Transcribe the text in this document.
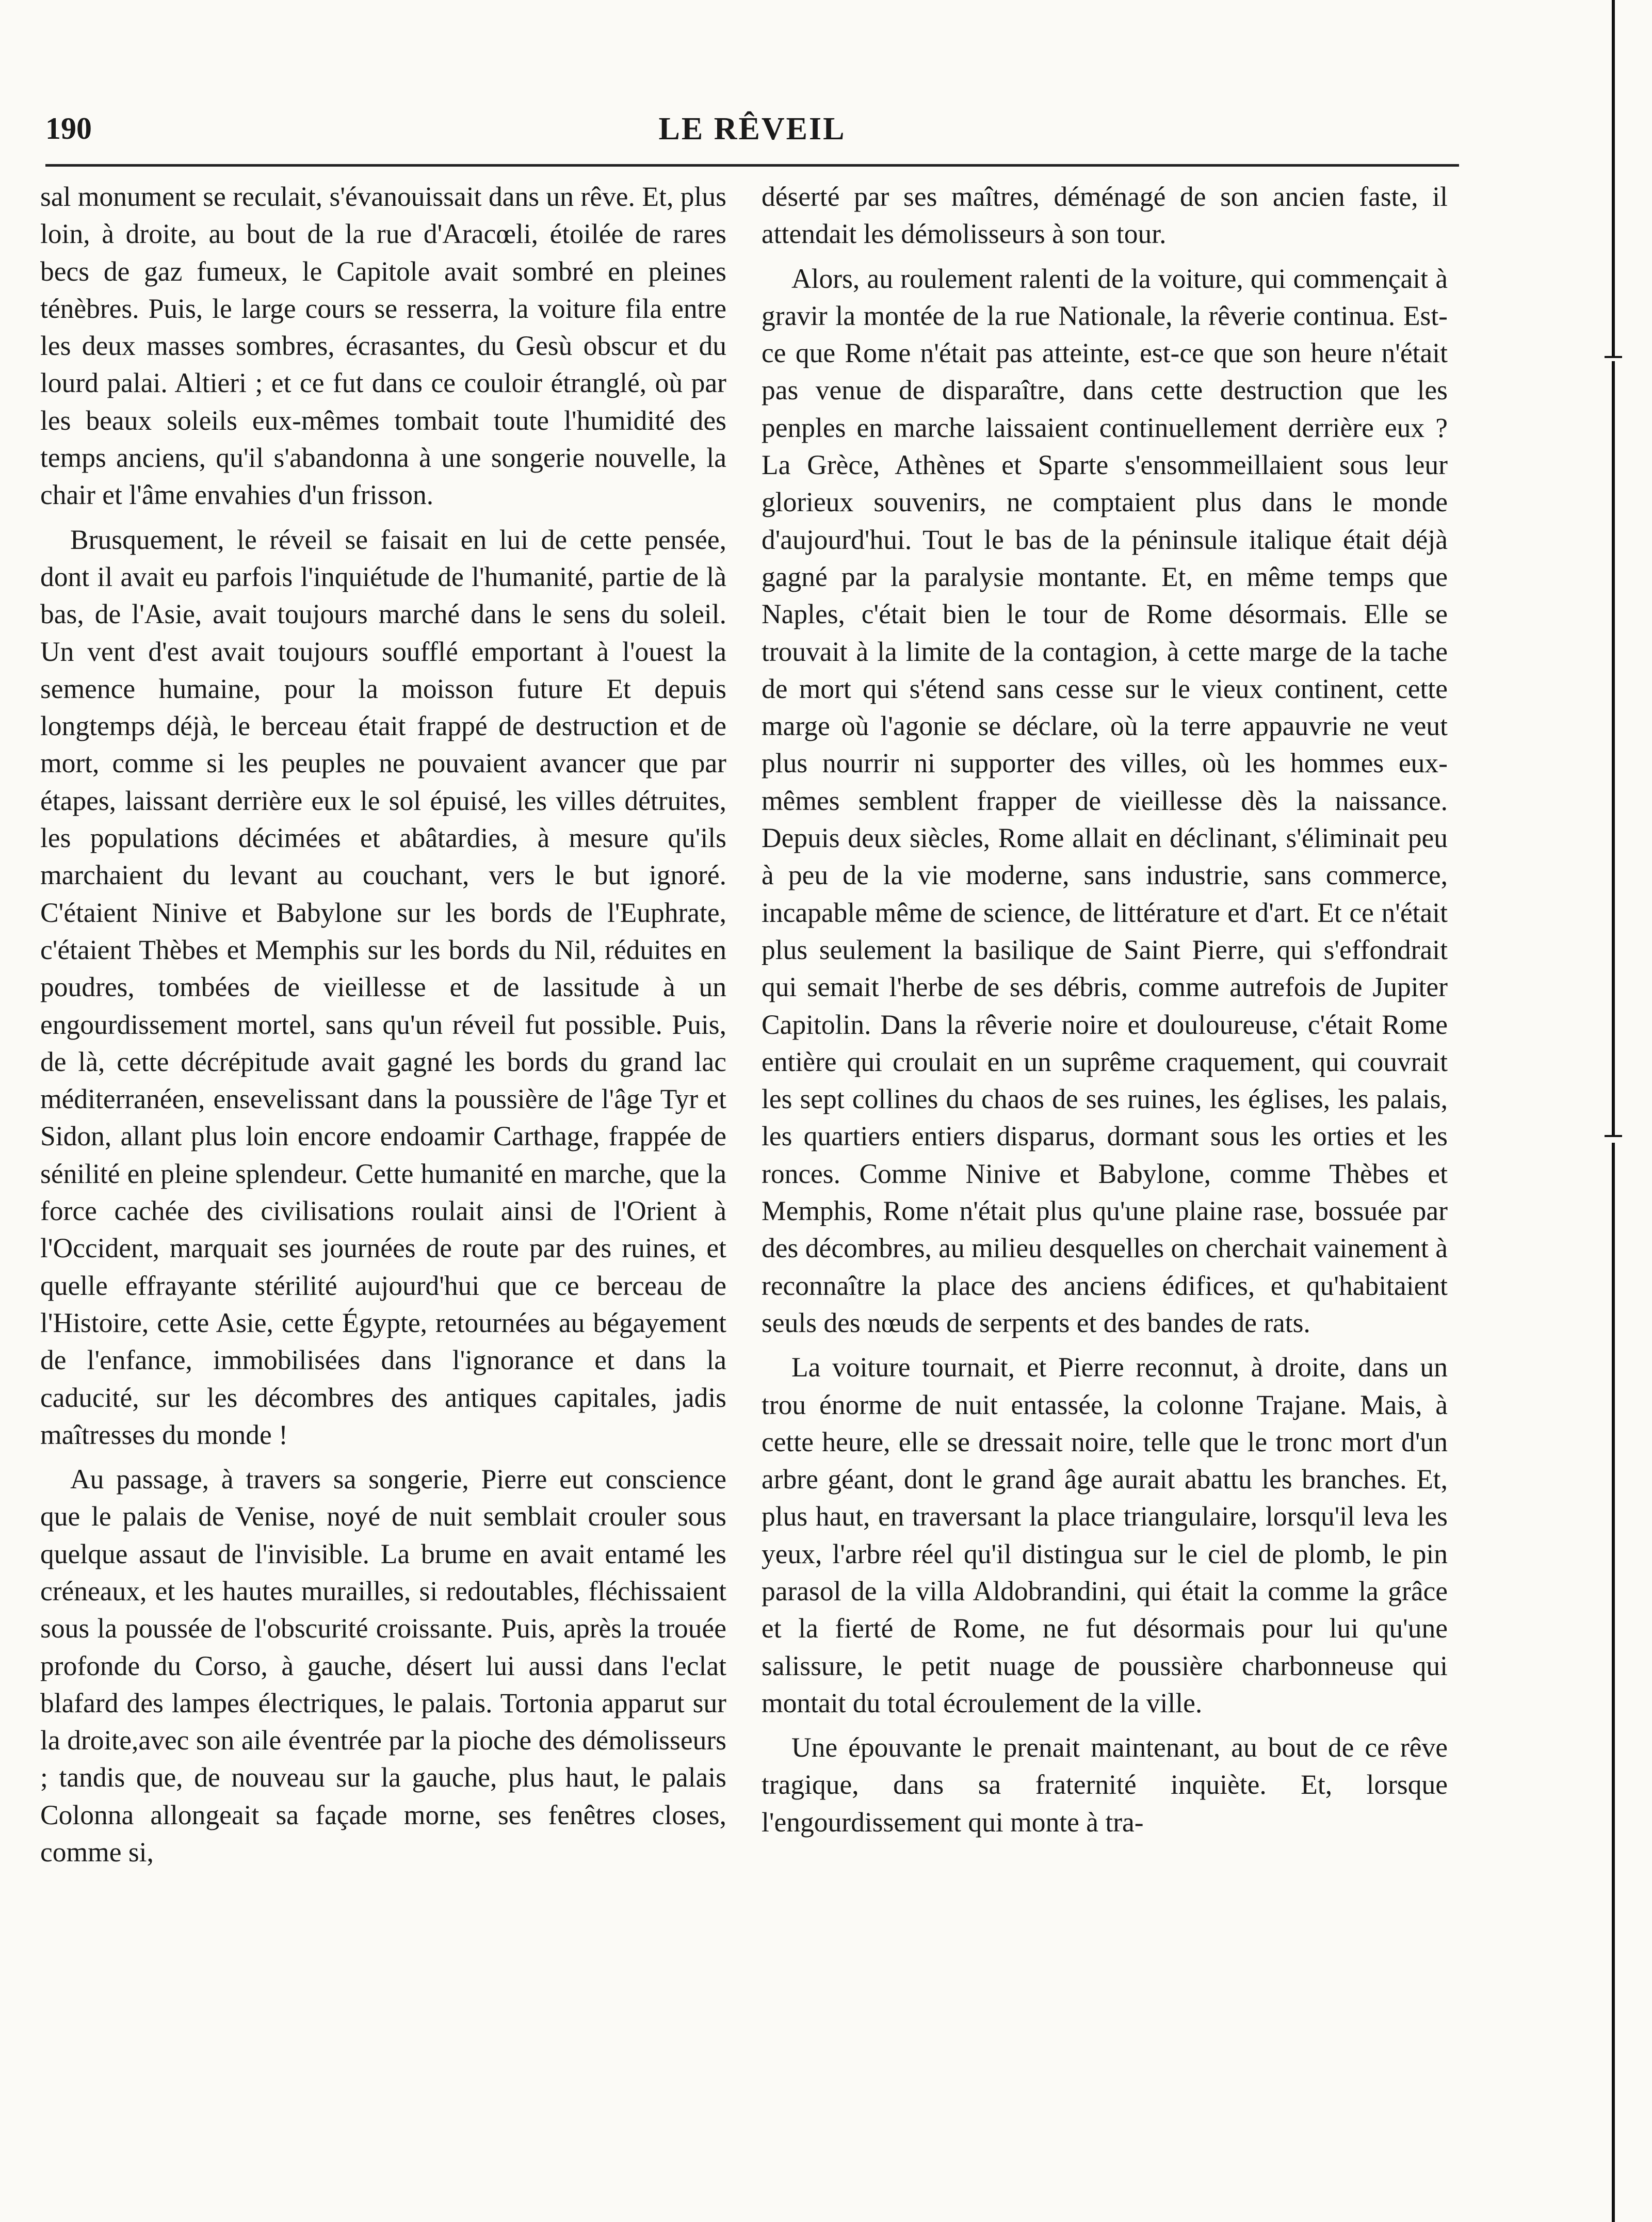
190	LE RÊVEIL

sal monument se reculait, s'évanouissait dans un rêve. Et, plus loin, à droite, au bout de la rue d'Aracœli, étoilée de rares becs de gaz fumeux, le Capitole avait sombré en pleines ténèbres. Puis, le large cours se resserra, la voiture fila entre les deux masses sombres, écrasantes, du Gesù obscur et du lourd palai. Altieri ; et ce fut dans ce couloir étranglé, où par les beaux soleils eux-mêmes tombait toute l'humidité des temps anciens, qu'il s'abandonna à une songerie nouvelle, la chair et l'âme envahies d'un frisson.

Brusquement, le réveil se faisait en lui de cette pensée, dont il avait eu parfois l'inquiétude de l'humanité, partie de là bas, de l'Asie, avait toujours marché dans le sens du soleil. Un vent d'est avait toujours soufflé emportant à l'ouest la semence humaine, pour la moisson future Et depuis longtemps déjà, le berceau était frappé de destruction et de mort, comme si les peuples ne pouvaient avancer que par étapes, laissant derrière eux le sol épuisé, les villes détruites, les populations décimées et abâtardies, à mesure qu'ils marchaient du levant au couchant, vers le but ignoré. C'étaient Ninive et Babylone sur les bords de l'Euphrate, c'étaient Thèbes et Memphis sur les bords du Nil, réduites en poudres, tombées de vieillesse et de lassitude à un engourdissement mortel, sans qu'un réveil fut possible. Puis, de là, cette décrépitude avait gagné les bords du grand lac méditerranéen, ensevelissant dans la poussière de l'âge Tyr et Sidon, allant plus loin encore endoamir Carthage, frappée de sénilité en pleine splendeur. Cette humanité en marche, que la force cachée des civilisations roulait ainsi de l'Orient à l'Occident, marquait ses journées de route par des ruines, et quelle effrayante stérilité aujourd'hui que ce berceau de l'Histoire, cette Asie, cette Égypte, retournées au bégayement de l'enfance, immobilisées dans l'ignorance et dans la caducité, sur les décombres des antiques capitales, jadis maîtresses du monde !

Au passage, à travers sa songerie, Pierre eut conscience que le palais de Venise, noyé de nuit semblait crouler sous quelque assaut de l'invisible. La brume en avait entamé les créneaux, et les hautes murailles, si redoutables, fléchissaient sous la poussée de l'obscurité croissante. Puis, après la trouée profonde du Corso, à gauche, désert lui aussi dans l'eclat blafard des lampes électriques, le palais. Tortonia apparut sur la droite,avec son aile éventrée par la pioche des démolisseurs ; tandis que, de nouveau sur la gauche, plus haut, le palais Colonna allongeait sa façade morne, ses fenêtres closes, comme si,

déserté par ses maîtres, déménagé de son ancien faste, il attendait les démolisseurs à son tour.

Alors, au roulement ralenti de la voiture, qui commençait à gravir la montée de la rue Nationale, la rêverie continua. Est-ce que Rome n'était pas atteinte, est-ce que son heure n'était pas venue de disparaître, dans cette destruction que les penples en marche laissaient continuellement derrière eux ? La Grèce, Athènes et Sparte s'ensommeillaient sous leur glorieux souvenirs, ne comptaient plus dans le monde d'aujourd'hui. Tout le bas de la péninsule italique était déjà gagné par la paralysie montante. Et, en même temps que Naples, c'était bien le tour de Rome désormais. Elle se trouvait à la limite de la contagion, à cette marge de la tache de mort qui s'étend sans cesse sur le vieux continent, cette marge où l'agonie se déclare, où la terre appauvrie ne veut plus nourrir ni supporter des villes, où les hommes eux-mêmes semblent frapper de vieillesse dès la naissance. Depuis deux siècles, Rome allait en déclinant, s'éliminait peu à peu de la vie moderne, sans industrie, sans commerce, incapable même de science, de littérature et d'art. Et ce n'était plus seulement la basilique de Saint Pierre, qui s'effondrait qui semait l'herbe de ses débris, comme autrefois de Jupiter Capitolin. Dans la rêverie noire et douloureuse, c'était Rome entière qui croulait en un suprême craquement, qui couvrait les sept collines du chaos de ses ruines, les églises, les palais, les quartiers entiers disparus, dormant sous les orties et les ronces. Comme Ninive et Babylone, comme Thèbes et Memphis, Rome n'était plus qu'une plaine rase, bossuée par des décombres, au milieu desquelles on cherchait vainement à reconnaître la place des anciens édifices, et qu'habitaient seuls des nœuds de serpents et des bandes de rats.

La voiture tournait, et Pierre reconnut, à droite, dans un trou énorme de nuit entassée, la colonne Trajane. Mais, à cette heure, elle se dressait noire, telle que le tronc mort d'un arbre géant, dont le grand âge aurait abattu les branches. Et, plus haut, en traversant la place triangulaire, lorsqu'il leva les yeux, l'arbre réel qu'il distingua sur le ciel de plomb, le pin parasol de la villa Aldobrandini, qui était la comme la grâce et la fierté de Rome, ne fut désormais pour lui qu'une salissure, le petit nuage de poussière charbonneuse qui montait du total écroulement de la ville.

Une épouvante le prenait maintenant, au bout de ce rêve tragique, dans sa fraternité inquiète. Et, lorsque l'engourdissement qui monte à tra-
